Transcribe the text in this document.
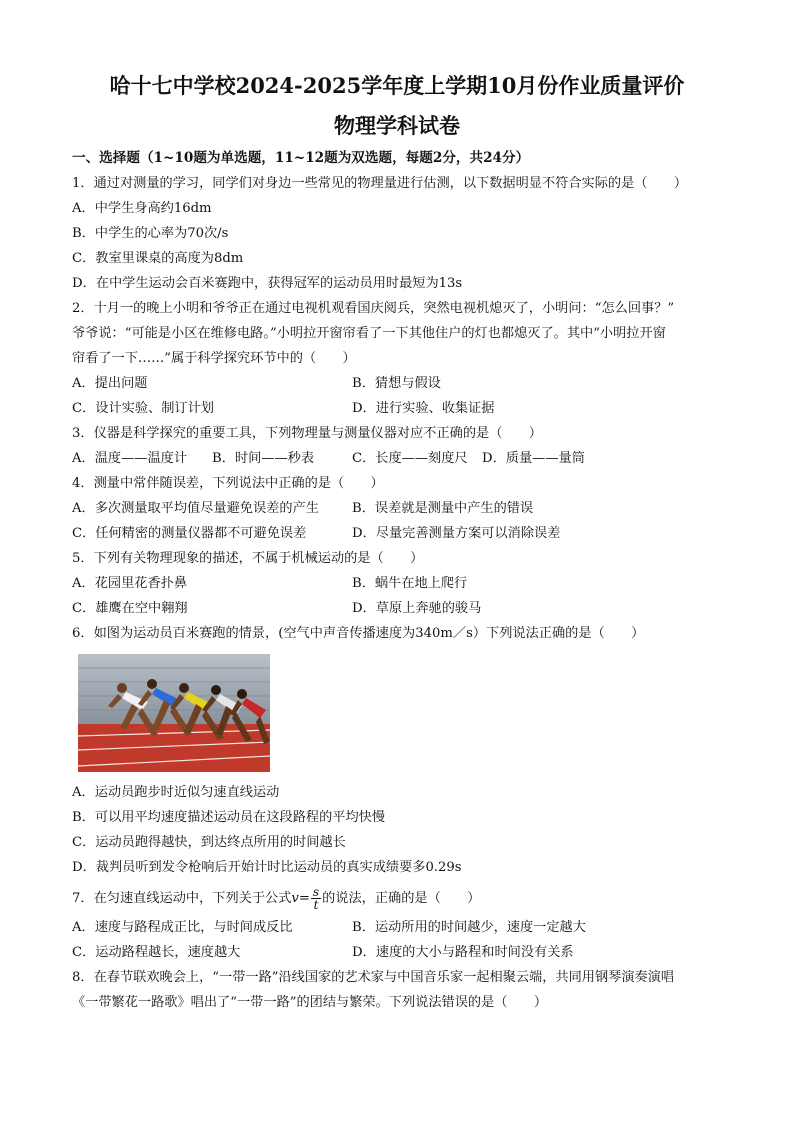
哈十七中学校2024-2025学年度上学期10月份作业质量评价
物理学科试卷
一、选择题（1~10题为单选题，11~12题为双选题，每题2分，共24分）
1．通过对测量的学习，同学们对身边一些常见的物理量进行估测，以下数据明显不符合实际的是（　　）
A．中学生身高约16dm
B．中学生的心率为70次/s
C．教室里课桌的高度为8dm
D．在中学生运动会百米赛跑中，获得冠军的运动员用时最短为13s
2．十月一的晚上小明和爷爷正在通过电视机观看国庆阅兵，突然电视机熄灭了，小明问：“怎么回事？”
爷爷说：“可能是小区在维修电路。”小明拉开窗帘看了一下其他住户的灯也都熄灭了。其中“小明拉开窗
帘看了一下……”属于科学探究环节中的（　　）
A．提出问题	B．猜想与假设
C．设计实验、制订计划	D．进行实验、收集证据
3．仪器是科学探究的重要工具，下列物理量与测量仪器对应不正确的是（　　）
A．温度——温度计	B．时间——秒表	C．长度——刻度尺	D．质量——量筒
4．测量中常伴随误差，下列说法中正确的是（　　）
A．多次测量取平均值尽量避免误差的产生	B．误差就是测量中产生的错误
C．任何精密的测量仪器都不可避免误差	D．尽量完善测量方案可以消除误差
5．下列有关物理现象的描述，不属于机械运动的是（　　）
A．花园里花香扑鼻	B．蜗牛在地上爬行
C．雄鹰在空中翱翔	D．草原上奔驰的骏马
6．如图为运动员百米赛跑的情景，(空气中声音传播速度为340m／s）下列说法正确的是（　　）
A．运动员跑步时近似匀速直线运动
B．可以用平均速度描述运动员在这段路程的平均快慢
C．运动员跑得越快，到达终点所用的时间越长
D．裁判员听到发令枪响后开始计时比运动员的真实成绩要多0.29s
7．在匀速直线运动中，下列关于公式$v= \frac{s}{t}$ 的说法，正确的是（　　）
A．速度与路程成正比，与时间成反比	B．运动所用的时间越少，速度一定越大
C．运动路程越长，速度越大	D．速度的大小与路程和时间没有关系
8．在春节联欢晚会上，“一带一路”沿线国家的艺术家与中国音乐家一起相聚云端，共同用钢琴演奏演唱
《一带繁花一路歌》唱出了“一带一路”的团结与繁荣。下列说法错误的是（　　）
